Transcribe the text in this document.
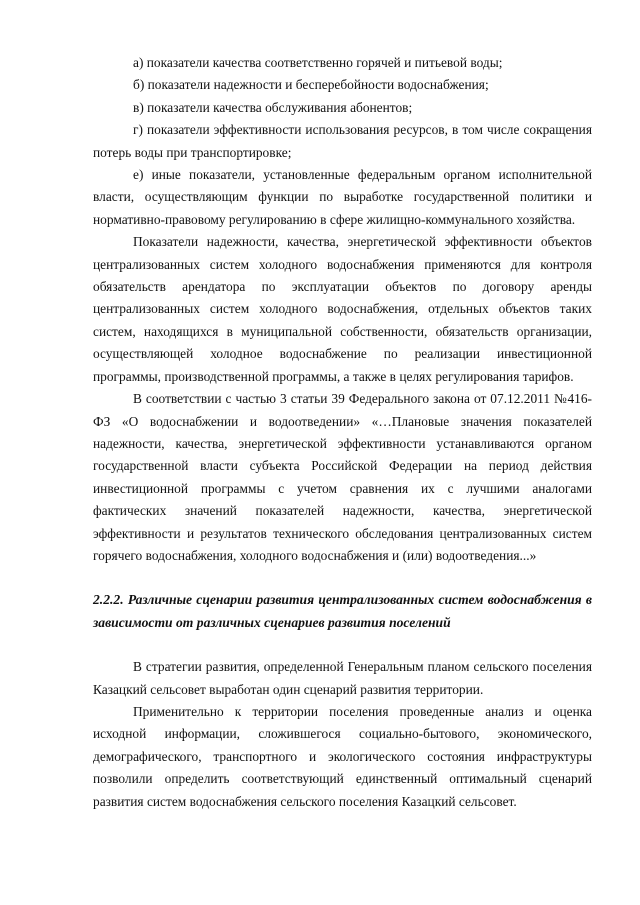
а) показатели качества соответственно горячей и питьевой воды;

б) показатели надежности и бесперебойности водоснабжения;

в) показатели качества обслуживания абонентов;

г) показатели эффективности использования ресурсов, в том числе сокращения потерь воды при транспортировке;

е) иные показатели, установленные федеральным органом исполнительной власти, осуществляющим функции по выработке государственной политики и нормативно-правовому регулированию в сфере жилищно-коммунального хозяйства.

Показатели надежности, качества, энергетической эффективности объектов централизованных систем холодного водоснабжения применяются для контроля обязательств арендатора по эксплуатации объектов по договору аренды централизованных систем холодного водоснабжения, отдельных объектов таких систем, находящихся в муниципальной собственности, обязательств организации, осуществляющей холодное водоснабжение по реализации инвестиционной программы, производственной программы, а также в целях регулирования тарифов.

В соответствии с частью 3 статьи 39 Федерального закона от 07.12.2011 №416-ФЗ «О водоснабжении и водоотведении» «…Плановые значения показателей надежности, качества, энергетической эффективности устанавливаются органом государственной власти субъекта Российской Федерации на период действия инвестиционной программы с учетом сравнения их с лучшими аналогами фактических значений показателей надежности, качества, энергетической эффективности и результатов технического обследования централизованных систем горячего водоснабжения, холодного водоснабжения и (или) водоотведения...»

2.2.2. Различные сценарии развития централизованных систем водоснабжения в зависимости от различных сценариев развития поселений

В стратегии развития, определенной Генеральным планом сельского поселения Казацкий сельсовет выработан один сценарий развития территории.

Применительно к территории поселения проведенные анализ и оценка исходной информации, сложившегося социально-бытового, экономического, демографического, транспортного и экологического состояния инфраструктуры позволили определить соответствующий единственный оптимальный сценарий развития систем водоснабжения сельского поселения Казацкий сельсовет.
